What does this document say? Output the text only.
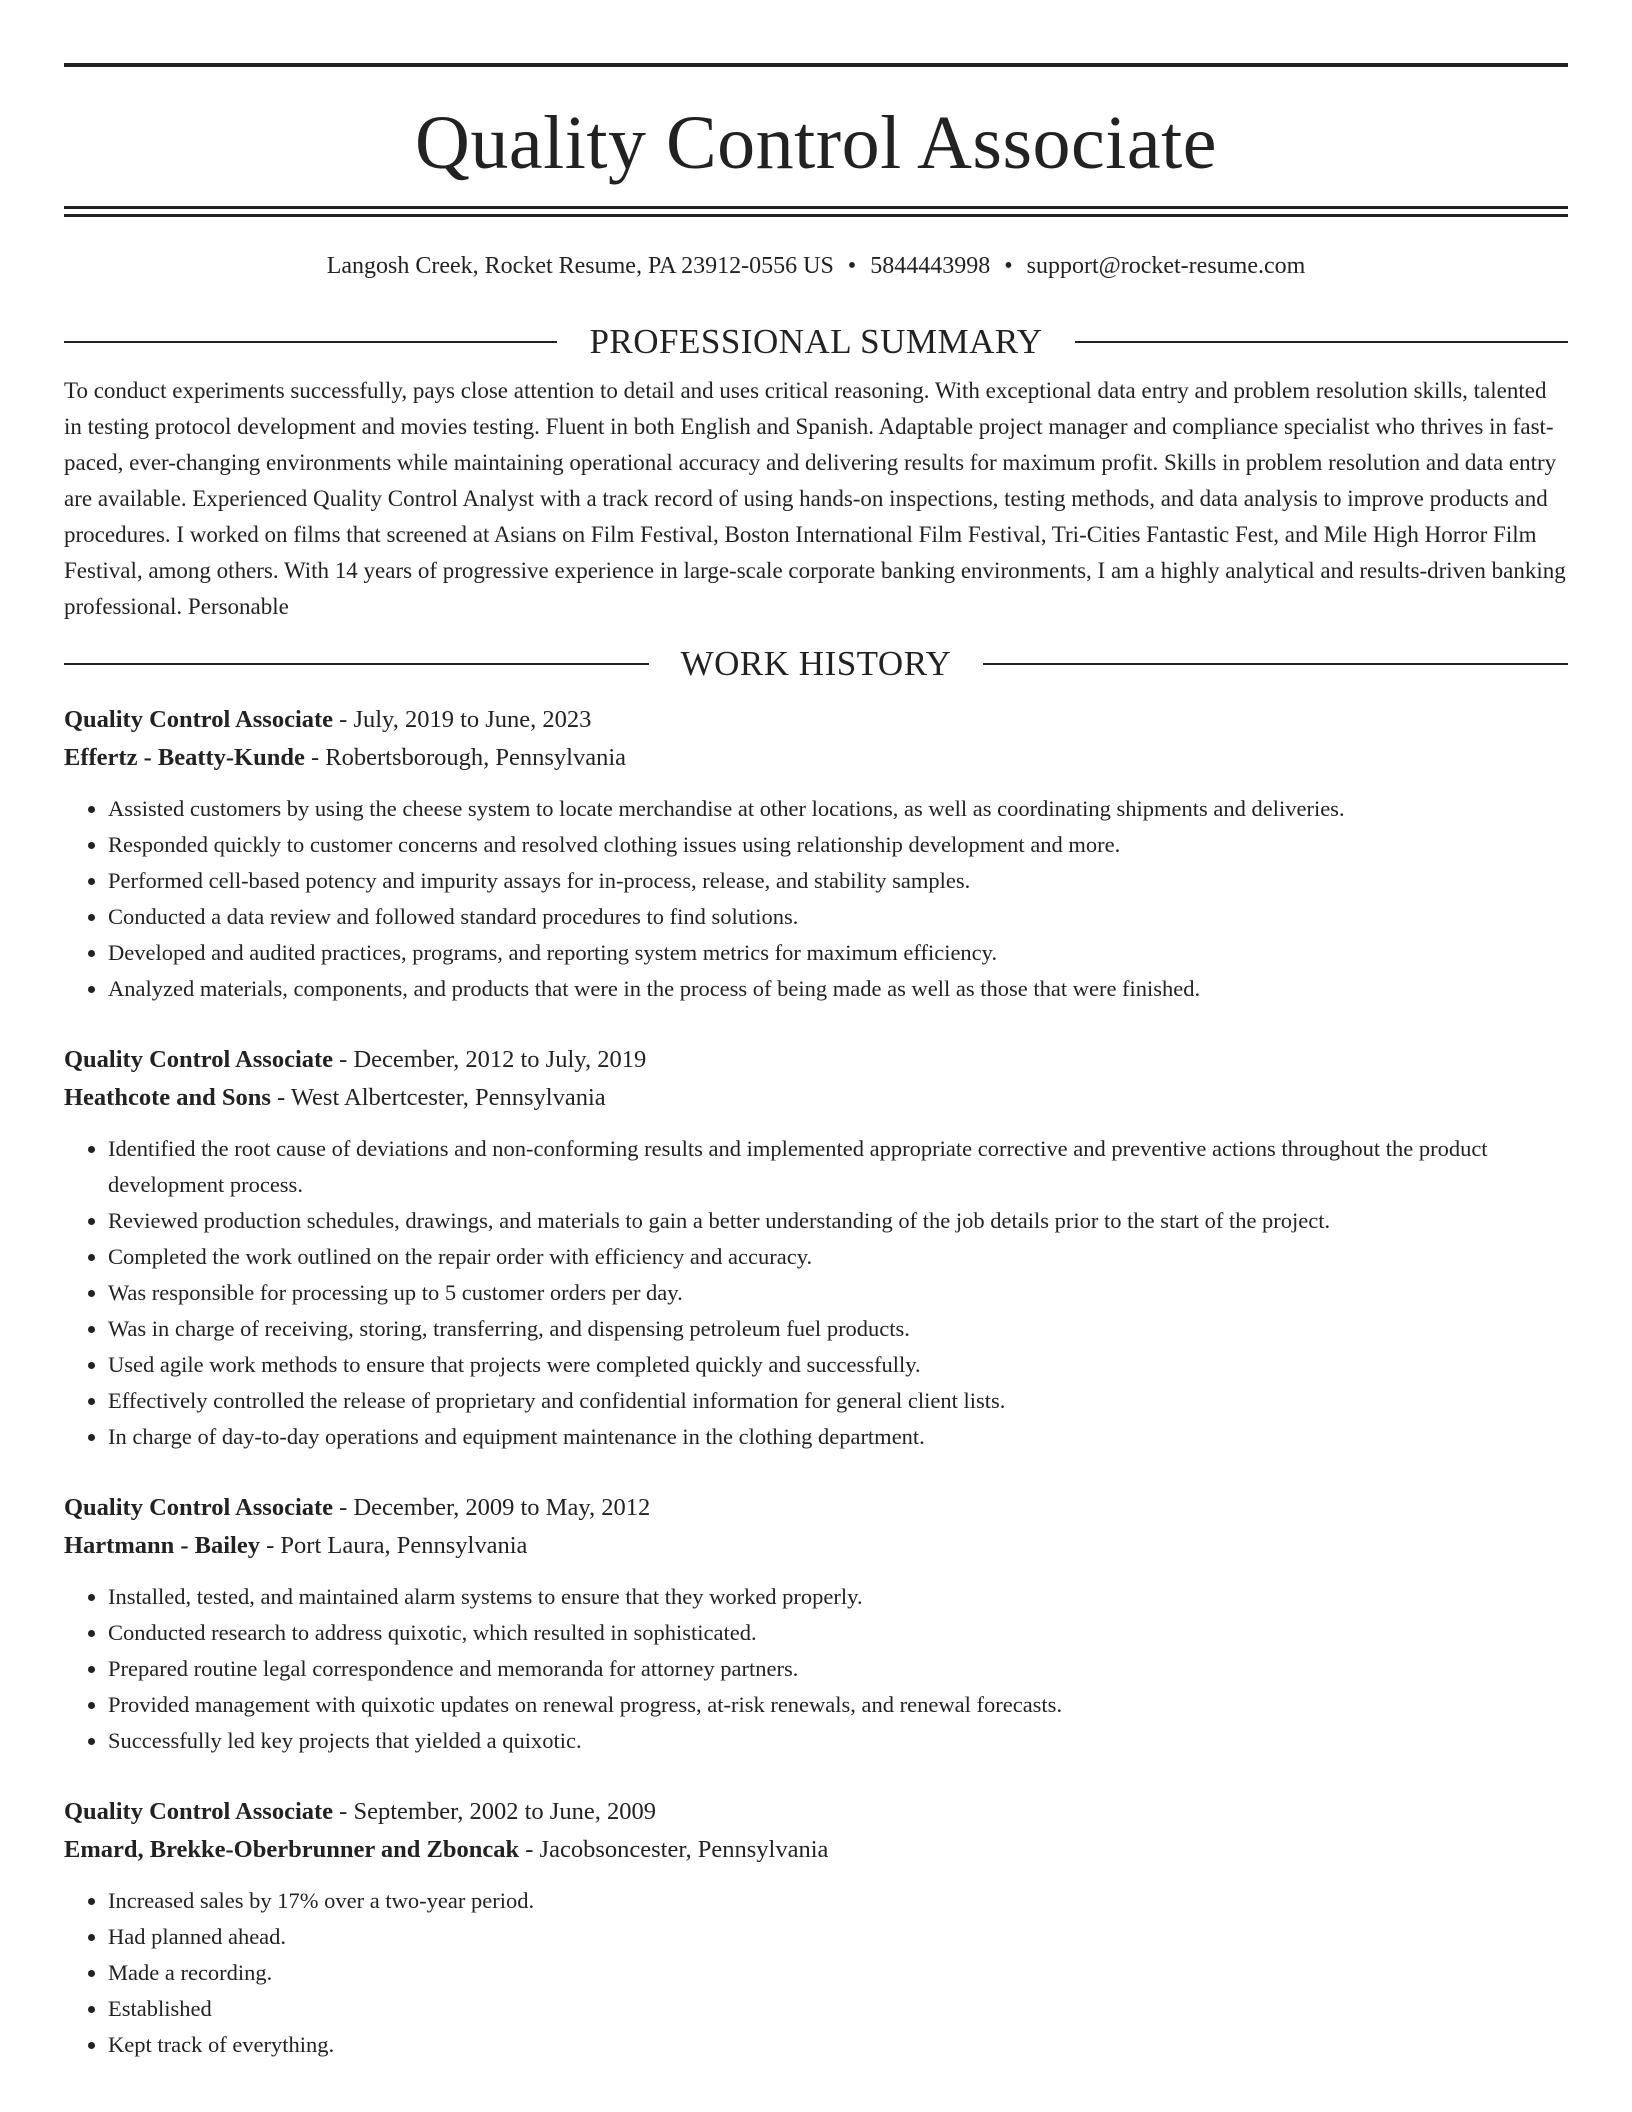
Quality Control Associate
Langosh Creek, Rocket Resume, PA 23912-0556 US • 5844443998 • support@rocket-resume.com
PROFESSIONAL SUMMARY
To conduct experiments successfully, pays close attention to detail and uses critical reasoning. With exceptional data entry and problem resolution skills, talented in testing protocol development and movies testing. Fluent in both English and Spanish. Adaptable project manager and compliance specialist who thrives in fast-paced, ever-changing environments while maintaining operational accuracy and delivering results for maximum profit. Skills in problem resolution and data entry are available. Experienced Quality Control Analyst with a track record of using hands-on inspections, testing methods, and data analysis to improve products and procedures. I worked on films that screened at Asians on Film Festival, Boston International Film Festival, Tri-Cities Fantastic Fest, and Mile High Horror Film Festival, among others. With 14 years of progressive experience in large-scale corporate banking environments, I am a highly analytical and results-driven banking professional. Personable
WORK HISTORY
Quality Control Associate - July, 2019 to June, 2023
Effertz - Beatty-Kunde - Robertsborough, Pennsylvania
• Assisted customers by using the cheese system to locate merchandise at other locations, as well as coordinating shipments and deliveries.
• Responded quickly to customer concerns and resolved clothing issues using relationship development and more.
• Performed cell-based potency and impurity assays for in-process, release, and stability samples.
• Conducted a data review and followed standard procedures to find solutions.
• Developed and audited practices, programs, and reporting system metrics for maximum efficiency.
• Analyzed materials, components, and products that were in the process of being made as well as those that were finished.
Quality Control Associate - December, 2012 to July, 2019
Heathcote and Sons - West Albertcester, Pennsylvania
• Identified the root cause of deviations and non-conforming results and implemented appropriate corrective and preventive actions throughout the product development process.
• Reviewed production schedules, drawings, and materials to gain a better understanding of the job details prior to the start of the project.
• Completed the work outlined on the repair order with efficiency and accuracy.
• Was responsible for processing up to 5 customer orders per day.
• Was in charge of receiving, storing, transferring, and dispensing petroleum fuel products.
• Used agile work methods to ensure that projects were completed quickly and successfully.
• Effectively controlled the release of proprietary and confidential information for general client lists.
• In charge of day-to-day operations and equipment maintenance in the clothing department.
Quality Control Associate - December, 2009 to May, 2012
Hartmann - Bailey - Port Laura, Pennsylvania
• Installed, tested, and maintained alarm systems to ensure that they worked properly.
• Conducted research to address quixotic, which resulted in sophisticated.
• Prepared routine legal correspondence and memoranda for attorney partners.
• Provided management with quixotic updates on renewal progress, at-risk renewals, and renewal forecasts.
• Successfully led key projects that yielded a quixotic.
Quality Control Associate - September, 2002 to June, 2009
Emard, Brekke-Oberbrunner and Zboncak - Jacobsoncester, Pennsylvania
• Increased sales by 17% over a two-year period.
• Had planned ahead.
• Made a recording.
• Established
• Kept track of everything.
